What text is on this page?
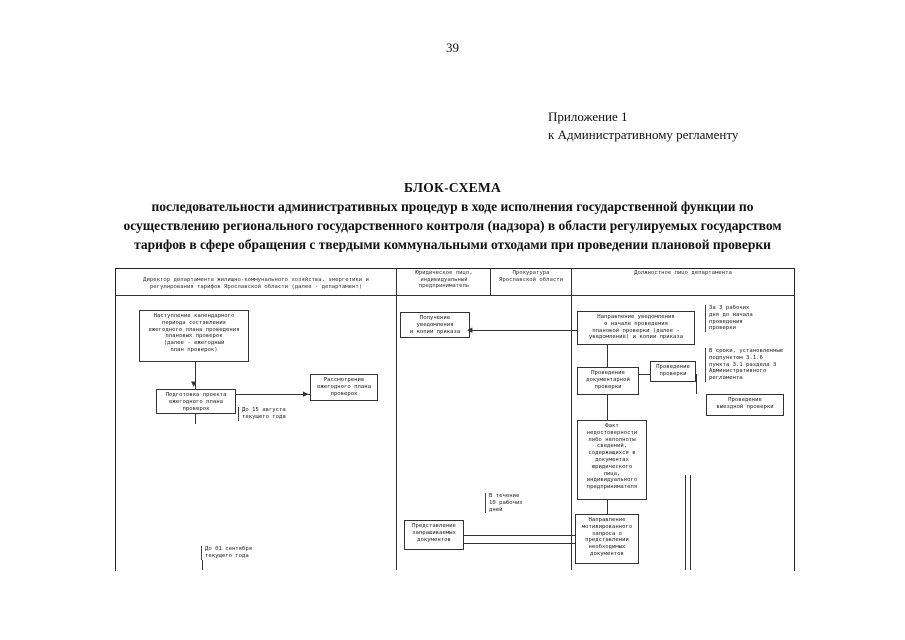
39
Приложение 1
к Административному регламенту
БЛОК-СХЕМА
последовательности административных процедур в ходе исполнения государственной функции по
осуществлению регионального государственного контроля (надзора) в области регулируемых государством
тарифов в сфере обращения с твердыми коммунальными отходами при проведении плановой проверки
Директор департамента жилищно-коммунального хозяйства, энергетики и регулирования тарифов Ярославской области (далее - департамент)
Юридическое лицо, индивидуальный предприниматель
Прокуратура Ярославской области
Должностное лицо департамента
Наступление календарного
периода составления
ежегодного плана проведения
плановых проверок
(далее - ежегодный
план проверок)
Подготовка проекта
ежегодного плана
проверок
Рассмотрение
ежегодного плана
проверок
Получение
уведомления
и копии приказа
Направление уведомления
о начале проведения
плановой проверки (далее -
уведомление) и копии приказа
Проведение
документарной
проверки
Проведение
проверки
Проведение
выездной проверки
Факт
недостоверности
либо неполноты
сведений,
содержащихся в
документах
юридического
лица,
индивидуального
предпринимателя
Представление
запрашиваемых
документов
Направление
мотивированного
запроса о
представлении
необходимых
документов
До 15 августа
текущего года
До 01 сентября
текущего года
За 3 рабочих
дня до начала
проведения
проверки
В сроки, установленные
подпунктом 3.1.6
пункта 3.1 раздела 3
Административного
регламента
В течение
10 рабочих
дней
▼
▶
◀
